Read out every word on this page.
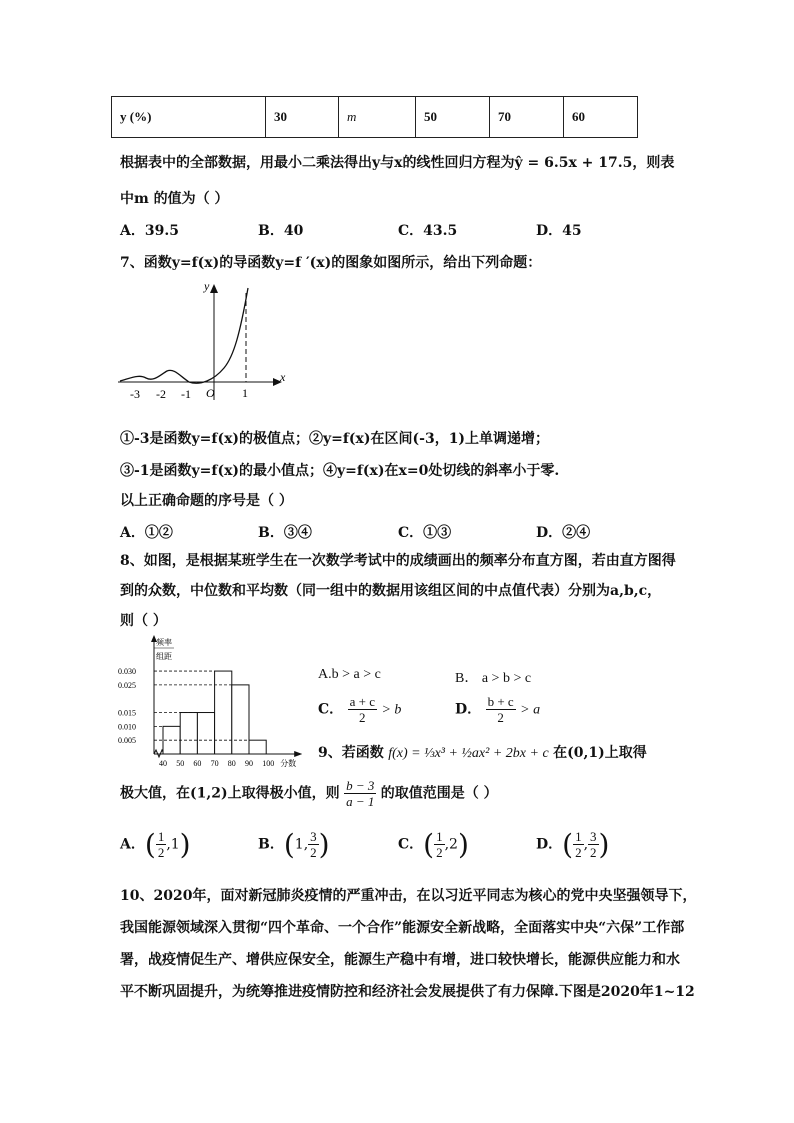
y (%)	30	m	50	70	60
根据表中的全部数据，用最小二乘法得出y与x的线性回归方程为ŷ = 6.5x + 17.5，则表
中m 的值为（ ）
A．39.5	B．40	C．43.5	D．45
7、函数y=f(x)的导函数y=f ′(x)的图象如图所示，给出下列命题：
x
y
O
-3 -2 -1	1
①-3是函数y=f(x)的极值点；②y=f(x)在区间(-3，1)上单调递增；
③-1是函数y=f(x)的最小值点；④y=f(x)在x=0处切线的斜率小于零.
以上正确命题的序号是（ ）
A．①②	B．③④	C．①③	D．②④
8、如图，是根据某班学生在一次数学考试中的成绩画出的频率分布直方图，若由直方图得
到的众数，中位数和平均数（同一组中的数据用该组区间的中点值代表）分别为a,b,c，
则（ ）
频率
组距
分数
0.030
0.025
0.015
0.010
0.005
40 50 60 70 80 90 100
A.b > a > c	B． a > b > c
C． $\frac{a + c}{2} > b$	D． $\frac{b + c}{2} > a$
9、若函数 f(x) = ⅓x³ + ½ax² + 2bx + c 在(0,1)上取得
极大值，在(1,2)上取得极小值，则 $\frac{b - 3}{a - 1}$ 的取值范围是（ ）
A．( $\frac{1}{2} ,1$)	B．(1, $\frac{3}{2}$ )	C．( $\frac{1}{2} ,2$)	D．( $\frac{1}{2}$ , $\frac{3}{2}$ )
10、2020年，面对新冠肺炎疫情的严重冲击，在以习近平同志为核心的党中央坚强领导下，
我国能源领域深入贯彻“四个革命、一个合作”能源安全新战略，全面落实中央“六保”工作部
署，战疫情促生产、增供应保安全，能源生产稳中有增，进口较快增长，能源供应能力和水
平不断巩固提升，为统筹推进疫情防控和经济社会发展提供了有力保障.下图是2020年1~12
